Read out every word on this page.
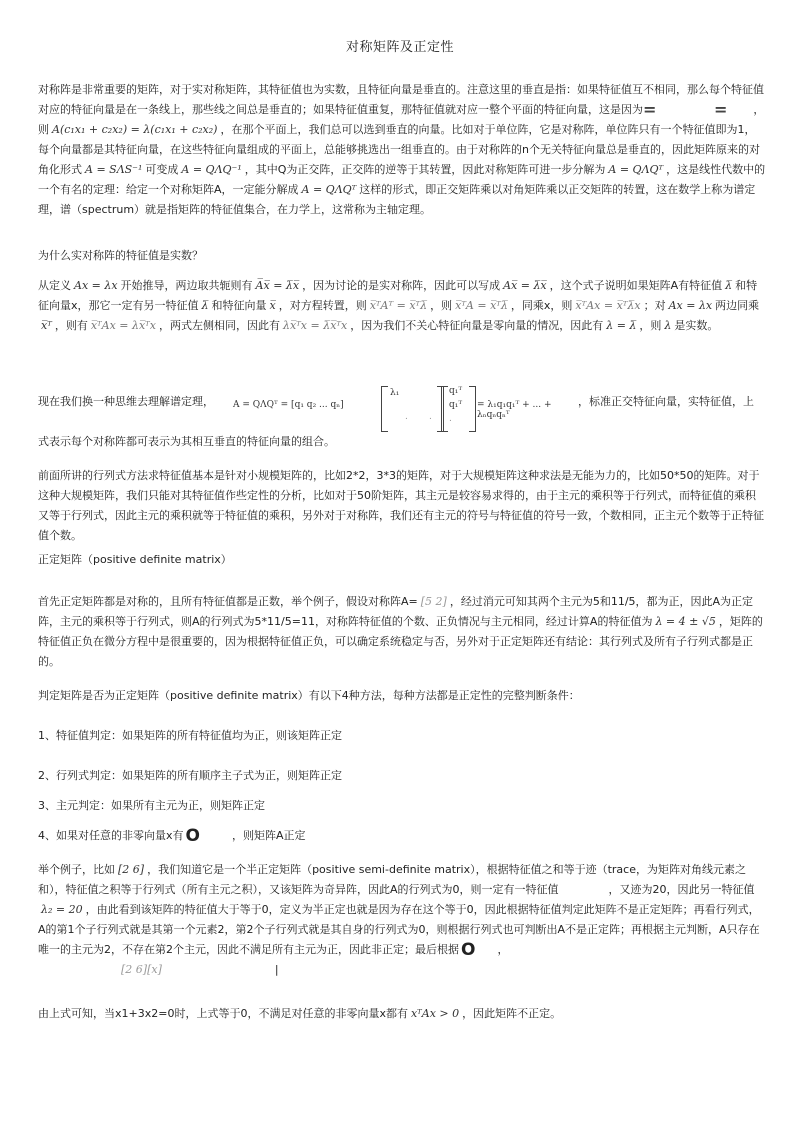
对称矩阵及正定性

对称阵是非常重要的矩阵，对于实对称矩阵，其特征值也为实数，且特征向量是垂直的。注意这里的垂直是指：如果特征值互不相同，那么每个特征值对应的特征向量是在一条线上，那些线之间总是垂直的；如果特征值重复，那特征值就对应一整个平面的特征向量，这是因为= =，则 A(c₁x₁ + c₂x₂) = λ(c₁x₁ + c₂x₂) ，在那个平面上，我们总可以选到垂直的向量。比如对于单位阵，它是对称阵，单位阵只有一个特征值即为1，每个向量都是其特征向量，在这些特征向量组成的平面上，总能够挑选出一组垂直的。由于对称阵的n个无关特征向量总是垂直的，因此矩阵原来的对角化形式 A = SΛS⁻¹ 可变成 A = QΛQ⁻¹ ，其中Q为正交阵，正交阵的逆等于其转置，因此对称矩阵可进一步分解为 A = QΛQᵀ ，这是线性代数中的一个有名的定理：给定一个对称矩阵A，一定能分解成 A = QΛQᵀ 这样的形式，即正交矩阵乘以对角矩阵乘以正交矩阵的转置，这在数学上称为谱定理，谱（spectrum）就是指矩阵的特征值集合，在力学上，这常称为主轴定理。

为什么实对称阵的特征值是实数？

从定义 Ax = λx 开始推导，两边取共轭则有 A̅x̅ = λ̅x̅ ，因为讨论的是实对称阵，因此可以写成 Ax̅ = λ̅x̅ ，这个式子说明如果矩阵A有特征值 λ̅ 和特征向量x，那它一定有另一特征值 λ̅ 和特征向量 x̅ ，对方程转置，则 x̅ᵀAᵀ = x̅ᵀλ̅ ，则 x̅ᵀA = x̅ᵀλ̅ ，同乘x，则 x̅ᵀAx = x̅ᵀλ̅x ；对 Ax = λx 两边同乘x̅ᵀ ，则有 x̅ᵀAx = λx̅ᵀx ，两式左侧相同，因此有 λx̅ᵀx = λ̅x̅ᵀx ，因为我们不关心特征向量是零向量的情况，因此有 λ = λ̅ ，则 λ 是实数。

现在我们换一种思维去理解谱定理，	A = QΛQᵀ = [q₁ q₂ ... qₙ]
λ₁
. .
q₁ᵀ
q₁ᵀ
.
= λ₁q₁q₁ᵀ + ... + λₙqₙqₙᵀ

，标准正交特征向量，实特征值，上

式表示每个对称阵都可表示为其相互垂直的特征向量的组合。

前面所讲的行列式方法求特征值基本是针对小规模矩阵的，比如2*2，3*3的矩阵，对于大规模矩阵这种求法是无能为力的，比如50*50的矩阵。对于这种大规模矩阵，我们只能对其特征值作些定性的分析，比如对于50阶矩阵，其主元是较容易求得的，由于主元的乘积等于行列式，而特征值的乘积又等于行列式，因此主元的乘积就等于特征值的乘积，另外对于对称阵，我们还有主元的符号与特征值的符号一致，个数相同，正主元个数等于正特征值个数。

正定矩阵（positive definite matrix）

首先正定矩阵都是对称的，且所有特征值都是正数，举个例子，假设对称阵A= [5 2] ，经过消元可知其两个主元为5和11/5，都为正，因此A为正定阵，主元的乘积等于行列式，则A的行列式为5*11/5=11，对称阵特征值的个数、正负情况与主元相同，经过计算A的特征值为 λ = 4 ± √5 ，矩阵的特征值正负在微分方程中是很重要的，因为根据特征值正负，可以确定系统稳定与否，另外对于正定矩阵还有结论：其行列式及所有子行列式都是正的。

判定矩阵是否为正定矩阵（positive definite matrix）有以下4种方法，每种方法都是正定性的完整判断条件：

1、特征值判定：如果矩阵的所有特征值均为正，则该矩阵正定

2、行列式判定：如果矩阵的所有顺序主子式为正，则矩阵正定

3、主元判定：如果所有主元为正，则矩阵正定

4、如果对任意的非零向量x有 O	，则矩阵A正定

举个例子，比如 [2 6] ，我们知道它是一个半正定矩阵（positive semi-definite matrix），根据特征值之和等于迹（trace，为矩阵对角线元素之和），特征值之积等于行列式（所有主元之积），又该矩阵为奇异阵，因此A的行列式为0，则一定有一特征值	，又迹为20，因此另一特征值λ₂ = 20 ，由此看到该矩阵的特征值大于等于0，定义为半正定也就是因为存在这个等于0，因此根据特征值判定此矩阵不是正定矩阵；再看行列式，A的第1个子行列式就是其第一个元素2，第2个子行列式就是其自身的行列式为0，则根据行列式也可判断出A不是正定阵；再根据主元判断，A只存在唯一的主元为2，不存在第2个主元，因此不满足所有主元为正，因此非正定；最后根据 O ，
[2 6][x]	|

由上式可知，当x1+3x2=0时，上式等于0，不满足对任意的非零向量x都有 xᵀAx > 0 ，因此矩阵不正定。
